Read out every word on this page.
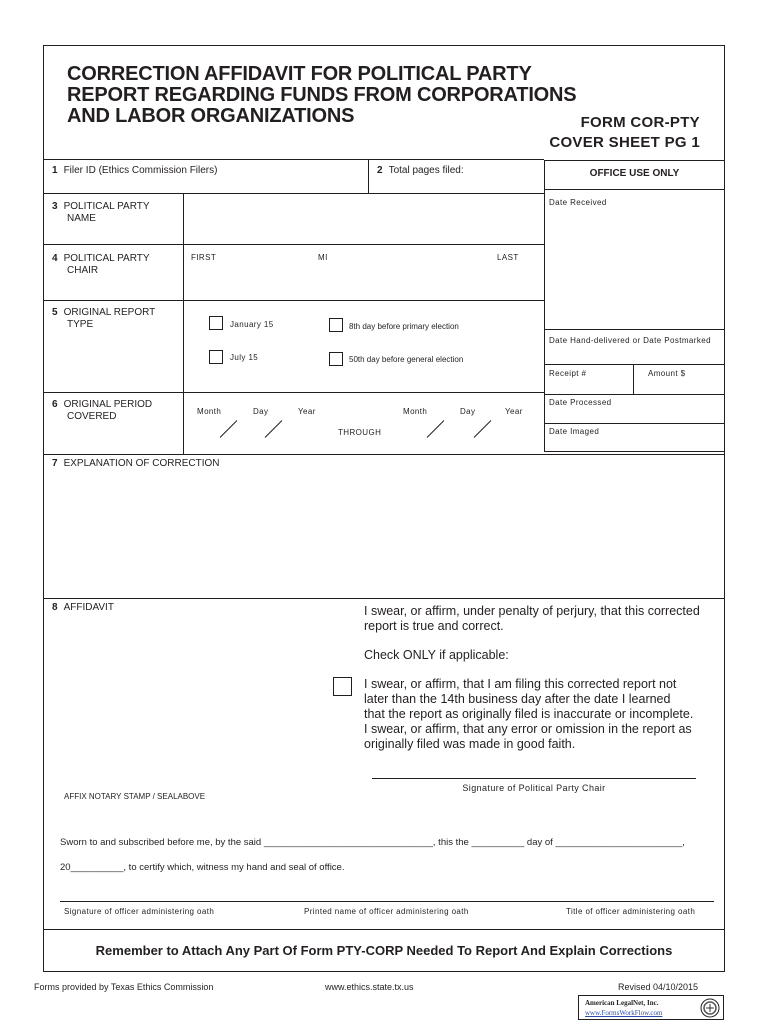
CORRECTION AFFIDAVIT FOR POLITICAL PARTY
REPORT REGARDING FUNDS FROM CORPORATIONS
AND LABOR ORGANIZATIONS	FORM COR-PTY
COVER SHEET PG 1
1 Filer ID (Ethics Commission Filers)	2 Total pages filed:
3 POLITICAL PARTY
NAME
4 POLITICAL PARTY
CHAIR
FIRST	MI	LAST
5 ORIGINAL REPORT
TYPE	January 15	8th day before primary election
July 15	50th day before general election
6 ORIGINAL PERIOD
COVERED	Month	Day	Year	Month	Day	Year
THROUGH
OFFICE USE ONLY
Date Received
Date Hand-delivered or Date Postmarked
Receipt #	Amount $
Date Processed
Date Imaged
7 EXPLANATION OF CORRECTION
8 AFFIDAVIT	I swear, or affirm, under penalty of perjury, that this corrected
report is true and correct.
Check ONLY if applicable:
I swear, or affirm, that I am filing this corrected report not
later than the 14th business day after the date I learned
that the report as originally filed is inaccurate or incomplete.
I swear, or affirm, that any error or omission in the report as
originally filed was made in good faith.
Signature of Political Party Chair
AFFIX NOTARY STAMP / SEALABOVE
Sworn to and subscribed before me, by the said ________________________________, this the __________ day of ________________________,
20__________, to certify which, witness my hand and seal of office.
Signature of officer administering oath	Printed name of officer administering oath	Title of officer administering oath
Remember to Attach Any Part Of Form PTY-CORP Needed To Report And Explain Corrections
Forms provided by Texas Ethics Commission	www.ethics.state.tx.us	Revised 04/10/2015
American LegalNet, Inc.
www.FormsWorkFlow.com
